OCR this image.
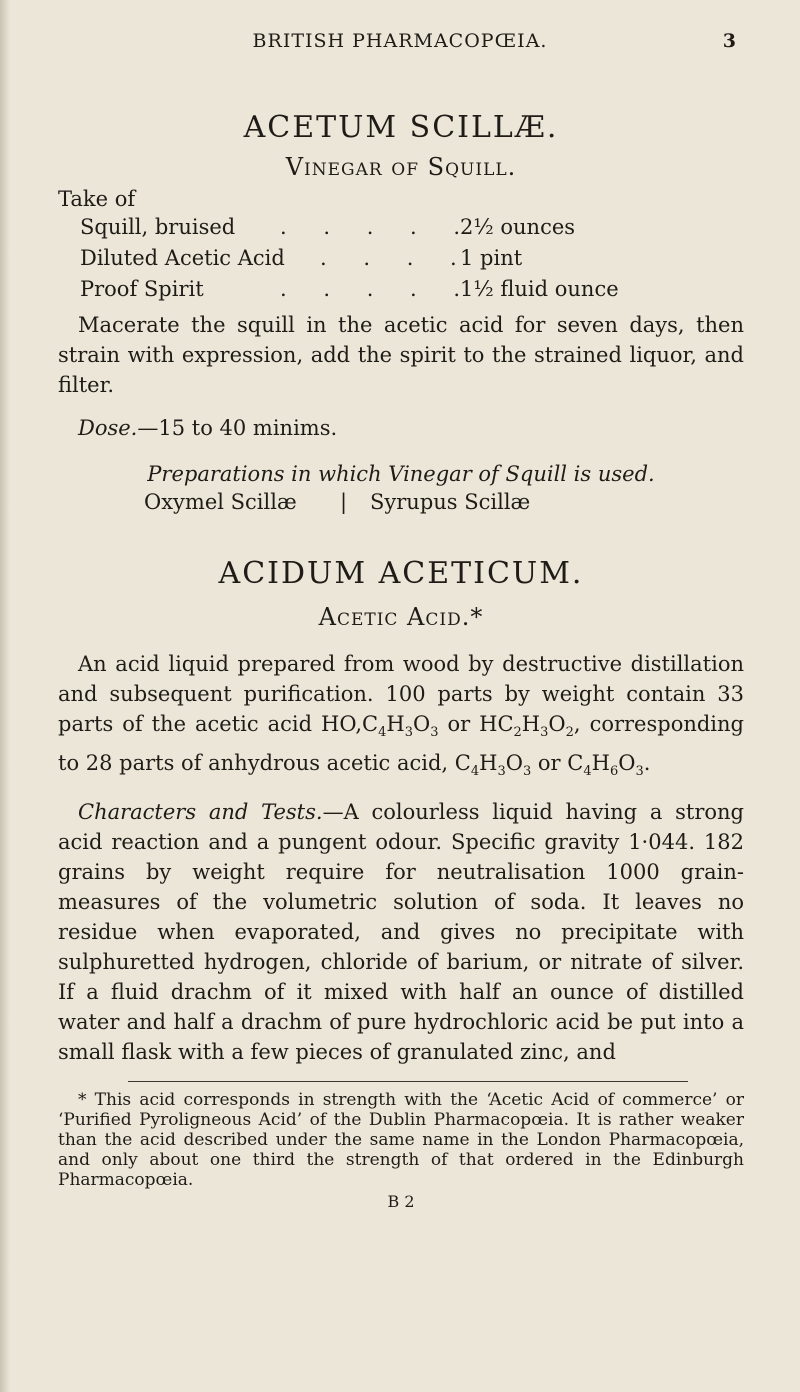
BRITISH PHARMACOPŒIA.	3
ACETUM SCILLÆ.
Vinegar of Squill.
Take of
Squill, bruised . . . . .
2½ ounces
Diluted Acetic Acid . . . .
1 pint
Proof Spirit	. . . . .
1½ fluid ounce

Macerate the squill in the acetic acid for seven days, then strain with expression, add the spirit to the strained liquor, and filter.

Dose.—15 to 40 minims.

Preparations in which Vinegar of Squill is used.
Oxymel Scillæ | Syrupus Scillæ
ACIDUM ACETICUM.
Acetic Acid.*

An acid liquid prepared from wood by destructive distillation and subsequent purification. 100 parts by weight contain 33 parts of the acetic acid $HO,C_4H_3O_3$ or $HC_2H_3O_2$, corresponding to 28 parts of anhydrous acetic acid, $C_4H_3O_3$ or $C_4H_6O_3$.

Characters and Tests.—A colourless liquid having a strong acid reaction and a pungent odour. Specific gravity 1·044. 182 grains by weight require for neutralisation 1000 grain-measures of the volumetric solution of soda. It leaves no residue when evaporated, and gives no precipitate with sulphuretted hydrogen, chloride of barium, or nitrate of silver. If a fluid drachm of it mixed with half an ounce of distilled water and half a drachm of pure hydrochloric acid be put into a small flask with a few pieces of granulated zinc, and

* This acid corresponds in strength with the ‘Acetic Acid of commerce’ or ‘Purified Pyroligneous Acid’ of the Dublin Pharmacopœia. It is rather weaker than the acid described under the same name in the London Pharmacopœia, and only about one third the strength of that ordered in the Edinburgh Pharmacopœia.

B 2
